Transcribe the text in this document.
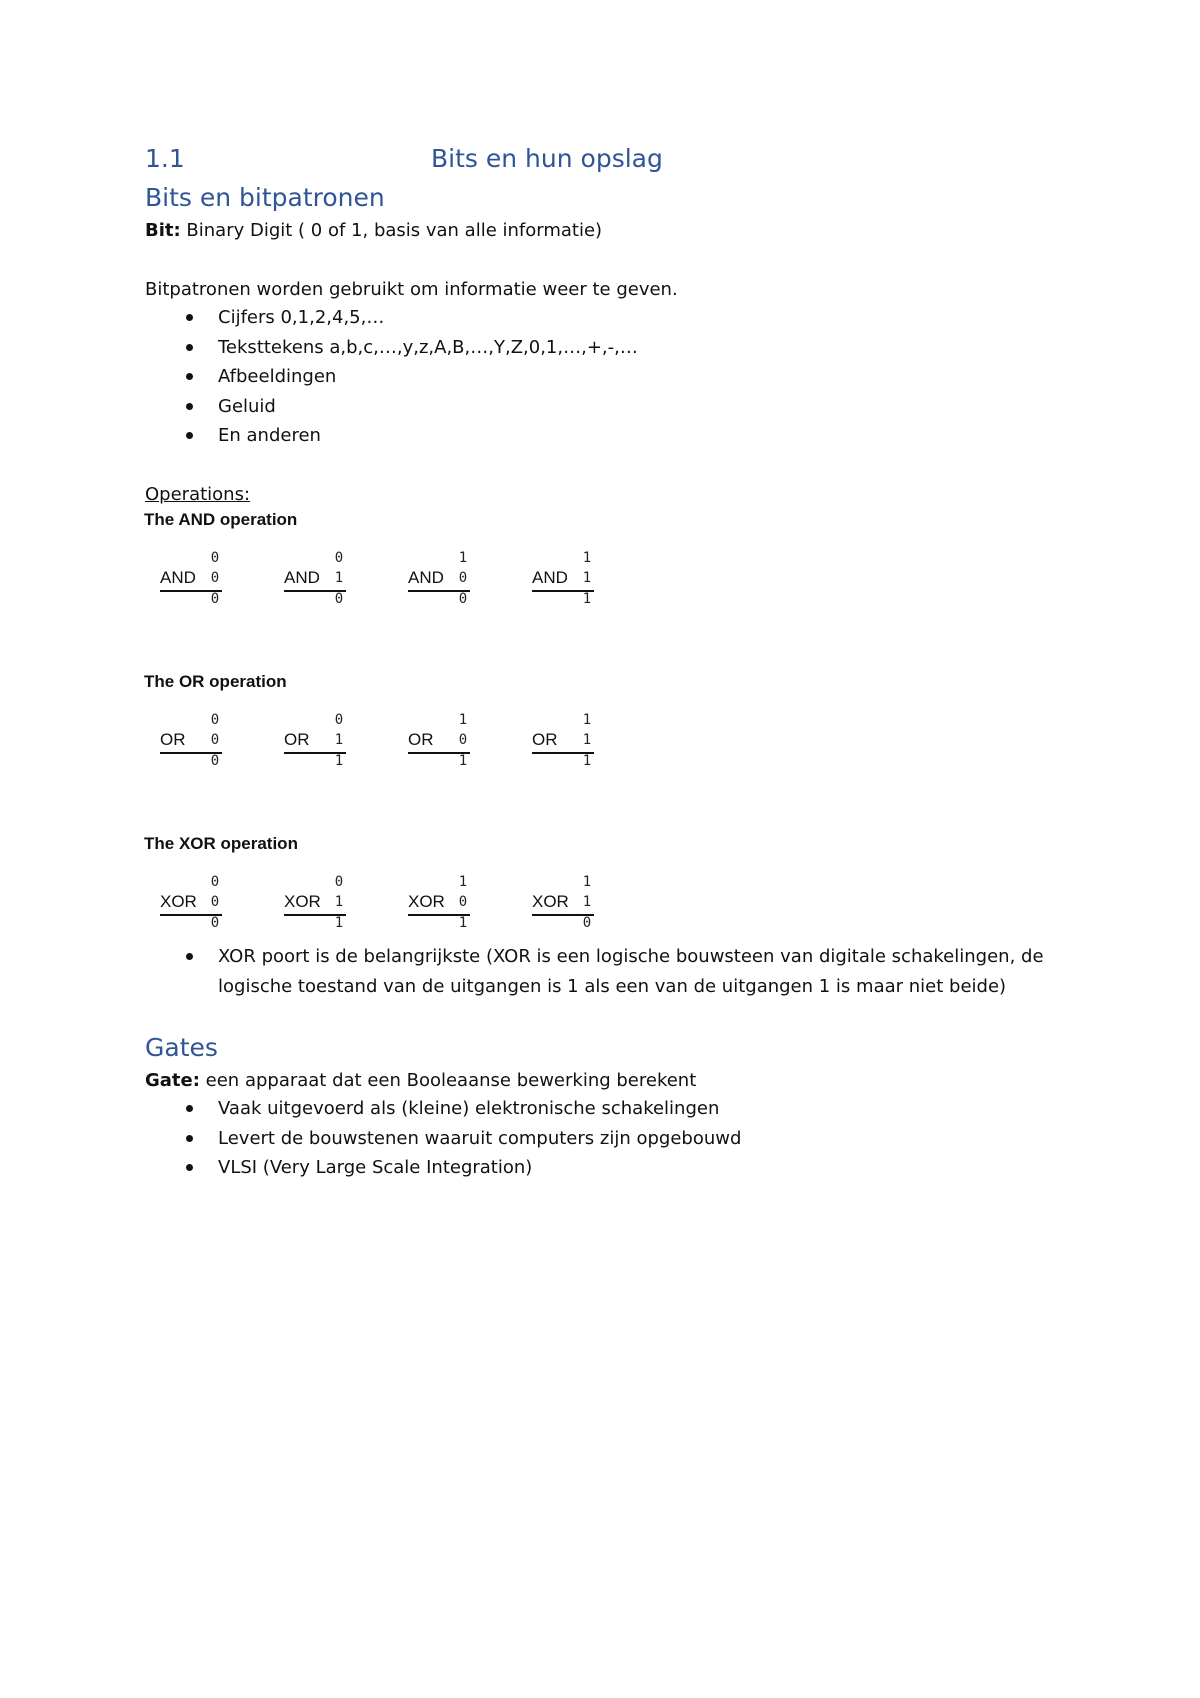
1.1	Bits en hun opslag
Bits en bitpatronen
Bit: Binary Digit ( 0 of 1, basis van alle informatie)
Bitpatronen worden gebruikt om informatie weer te geven.
Cijfers 0,1,2,4,5,…
Teksttekens a,b,c,…,y,z,A,B,…,Y,Z,0,1,…,+,-,…
Afbeeldingen
Geluid
En anderen
Operations:
The AND operation
0
AND 0
0
0
AND 1
0
1
AND 0
0
1
AND 1
1
The OR operation
0
OR 0
0
0
OR 1
1
1
OR 0
1
1
OR 1
1
The XOR operation
0
XOR 0
0
0
XOR 1
1
1
XOR 0
1
1
XOR 1
0
XOR poort is de belangrijkste (XOR is een logische bouwsteen van digitale schakelingen, de
logische toestand van de uitgangen is 1 als een van de uitgangen 1 is maar niet beide)
Gates
Gate: een apparaat dat een Booleaanse bewerking berekent
Vaak uitgevoerd als (kleine) elektronische schakelingen
Levert de bouwstenen waaruit computers zijn opgebouwd
VLSI (Very Large Scale Integration)
